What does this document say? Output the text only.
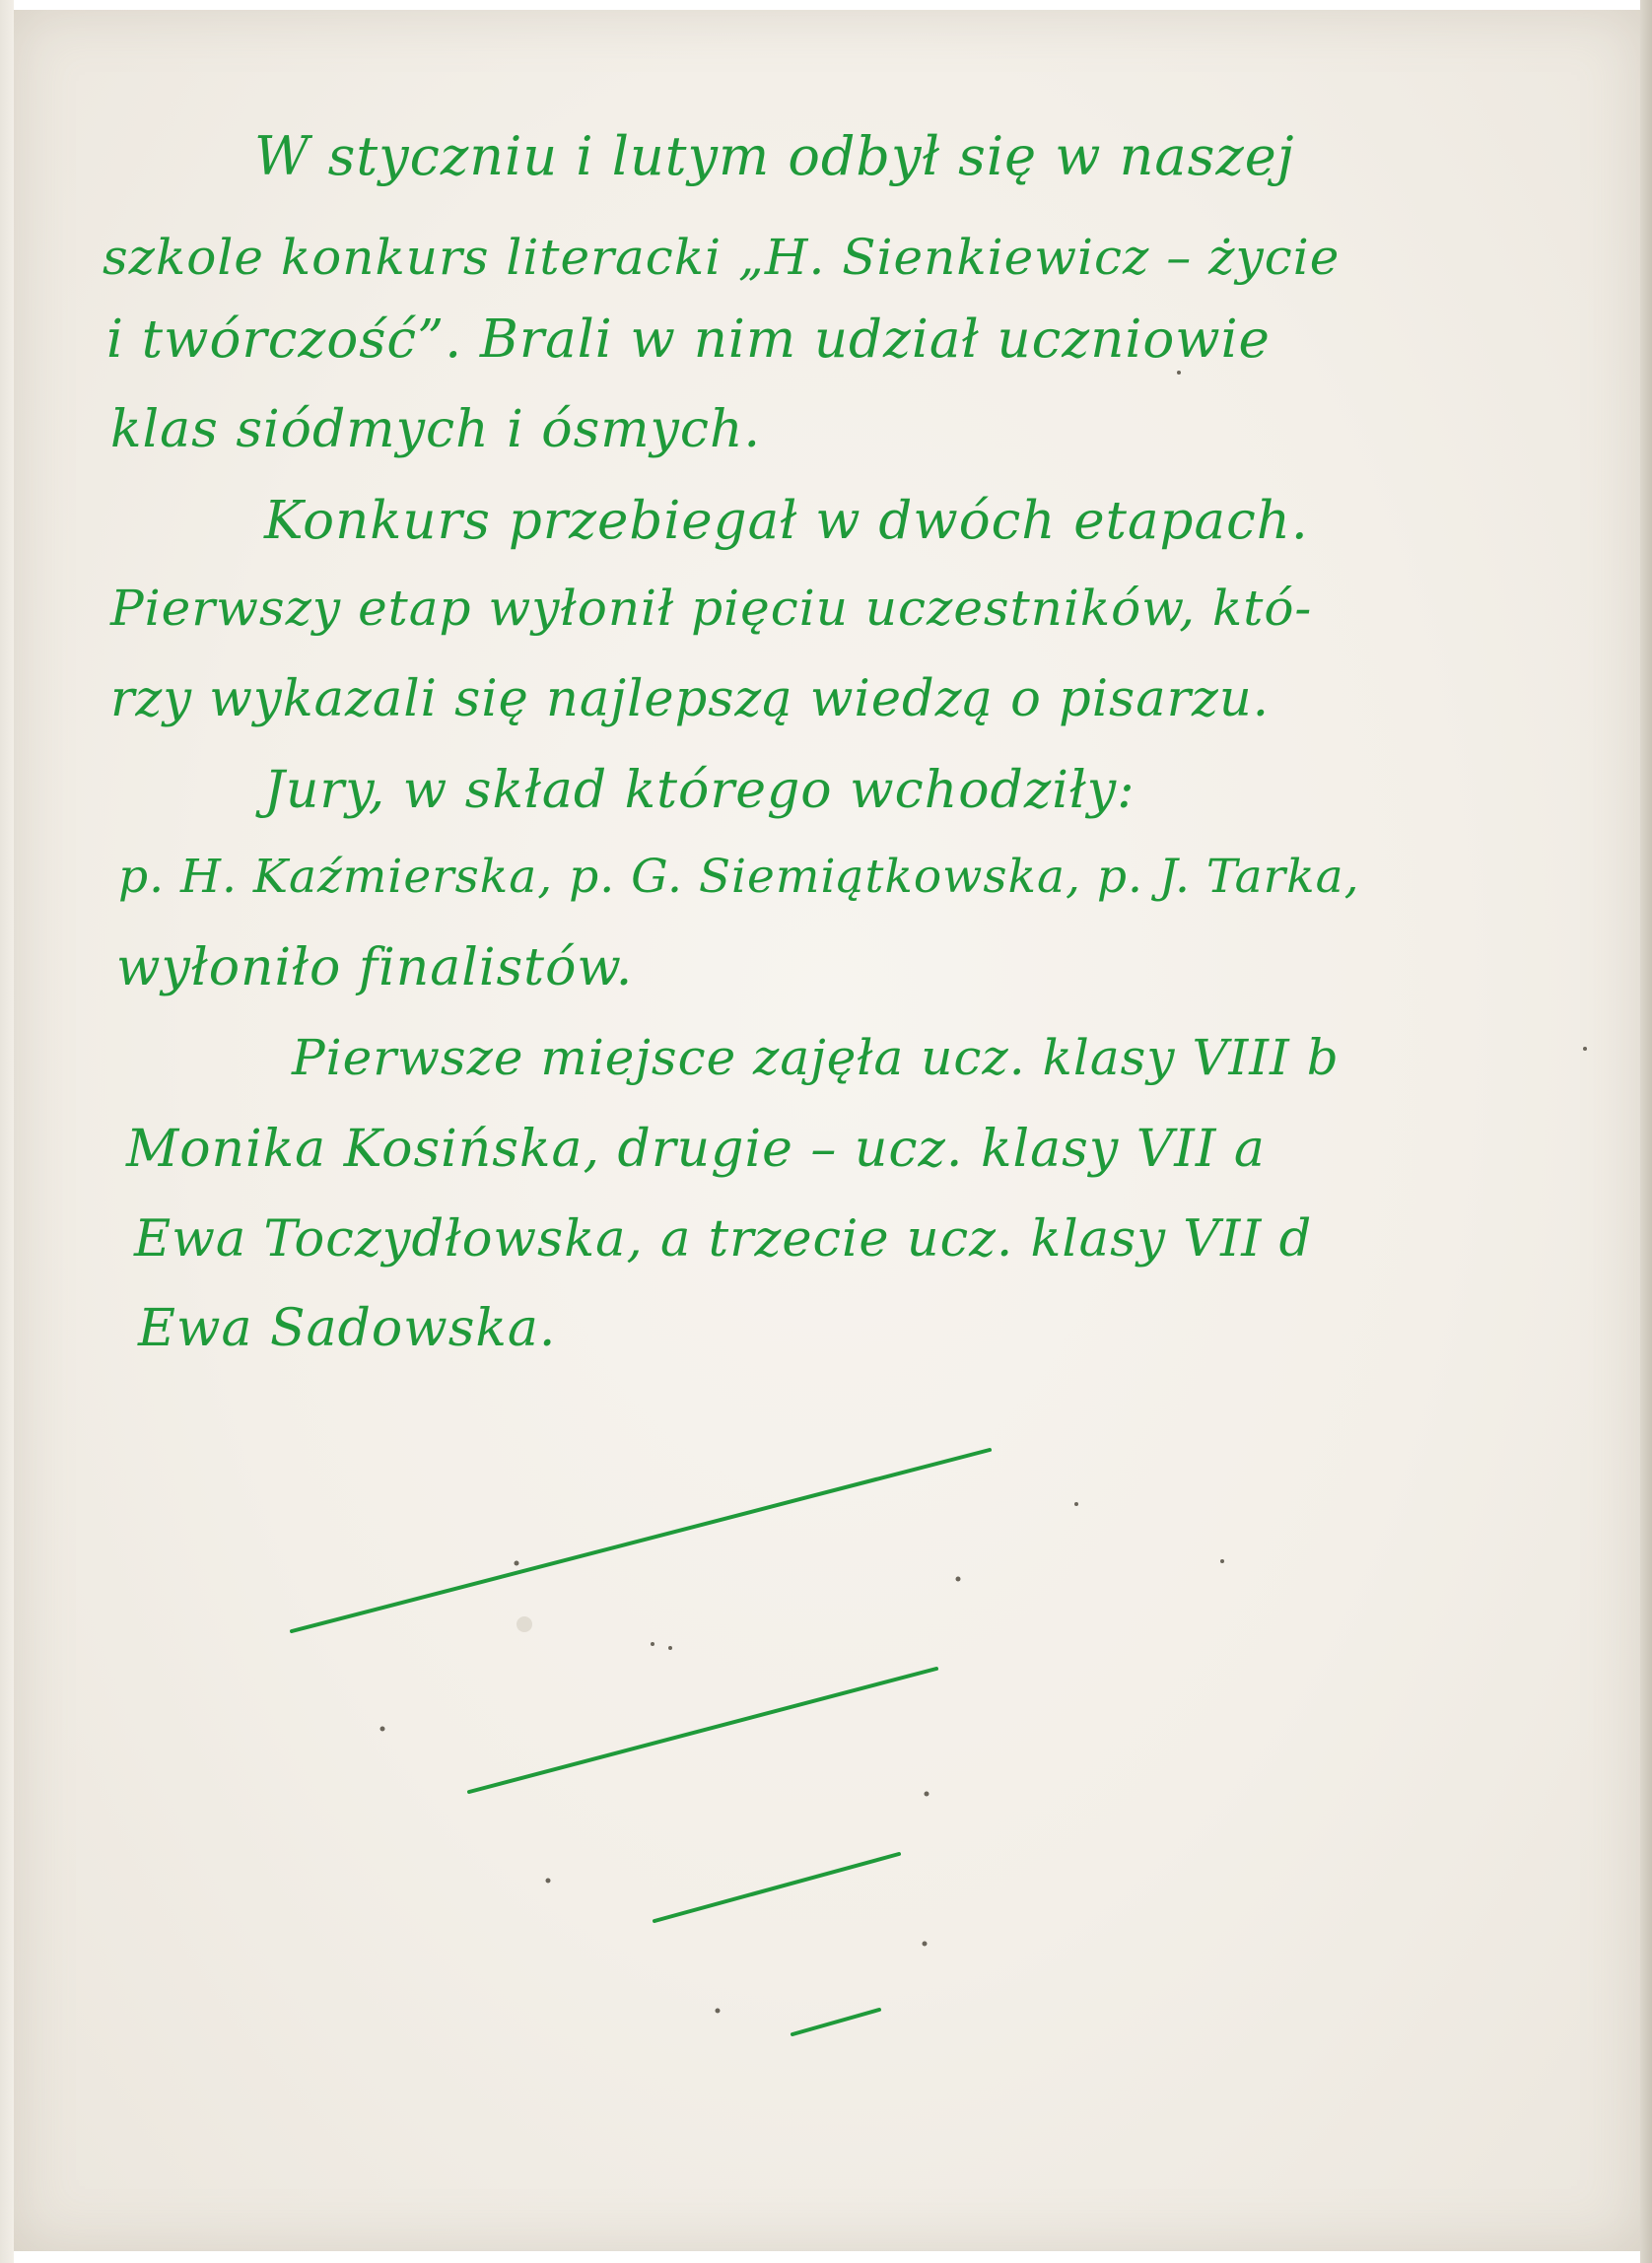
W styczniu i lutym odbył się w naszej
szkole konkurs literacki „H. Sienkiewicz – życie
i twórczość”. Brali w nim udział uczniowie
klas siódmych i ósmych.
Konkurs przebiegał w dwóch etapach.
Pierwszy etap wyłonił pięciu uczestników, któ-
rzy wykazali się najlepszą wiedzą o pisarzu.
Jury, w skład którego wchodziły:
p. H. Kaźmierska, p. G. Siemiątkowska, p. J. Tarka,
wyłoniło finalistów.
Pierwsze miejsce zajęła ucz. klasy VIII b
Monika Kosińska, drugie – ucz. klasy VII a
Ewa Toczydłowska, a trzecie ucz. klasy VII d
Ewa Sadowska.
